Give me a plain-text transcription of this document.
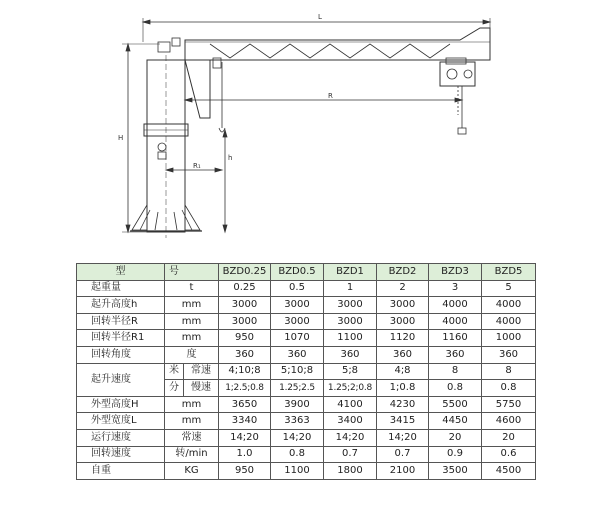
L
R
H
h
R₁
型	号		BZD0.25	BZD0.5	BZD1	BZD2	BZD3	BZD5
起重量	t		0.25	0.5	1	2	3	5
起升高度h	mm		3000	3000	3000	3000	4000	4000
回转半径R	mm		3000	3000	3000	3000	4000	4000
回转半径R1	mm		950	1070	1100	1120	1160	1000
回转角度	度		360	360	360	360	360	360
起升速度	米	常速	4;10;8	5;10;8	5;8	4;8	8	8
	分	慢速	1;2.5;0.8	1.25;2.5	1.25;2;0.8	1;0.8	0.8	0.8
外型高度H	mm		3650	3900	4100	4230	5500	5750
外型宽度L	mm		3340	3363	3400	3415	4450	4600
运行速度	常速		14;20	14;20	14;20	14;20	20	20
回转速度	转/min		1.0	0.8	0.7	0.7	0.9	0.6
自重	KG		950	1100	1800	2100	3500	4500
